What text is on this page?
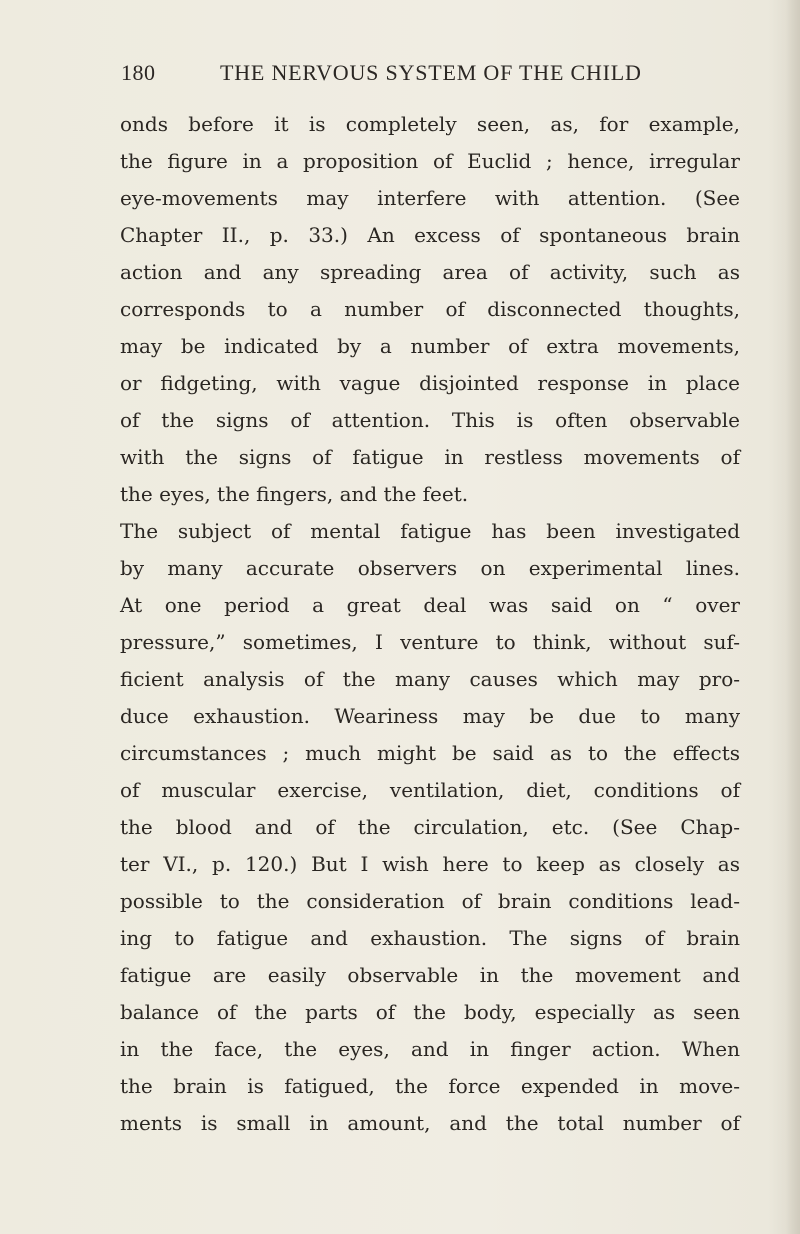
180	THE NERVOUS SYSTEM OF THE CHILD
onds before it is completely seen, as, for example,
the figure in a proposition of Euclid ; hence, irregular
eye-movements may interfere with attention. (See
Chapter II., p. 33.) An excess of spontaneous brain
action and any spreading area of activity, such as
corresponds to a number of disconnected thoughts,
may be indicated by a number of extra movements,
or fidgeting, with vague disjointed response in place
of the signs of attention. This is often observable
with the signs of fatigue in restless movements of
the eyes, the fingers, and the feet.
The subject of mental fatigue has been investigated
by many accurate observers on experimental lines.
At one period a great deal was said on “ over
pressure,” sometimes, I venture to think, without suf-
ficient analysis of the many causes which may pro-
duce exhaustion. Weariness may be due to many
circumstances ; much might be said as to the effects
of muscular exercise, ventilation, diet, conditions of
the blood and of the circulation, etc. (See Chap-
ter VI., p. 120.) But I wish here to keep as closely as
possible to the consideration of brain conditions lead-
ing to fatigue and exhaustion. The signs of brain
fatigue are easily observable in the movement and
balance of the parts of the body, especially as seen
in the face, the eyes, and in finger action. When
the brain is fatigued, the force expended in move-
ments is small in amount, and the total number of
